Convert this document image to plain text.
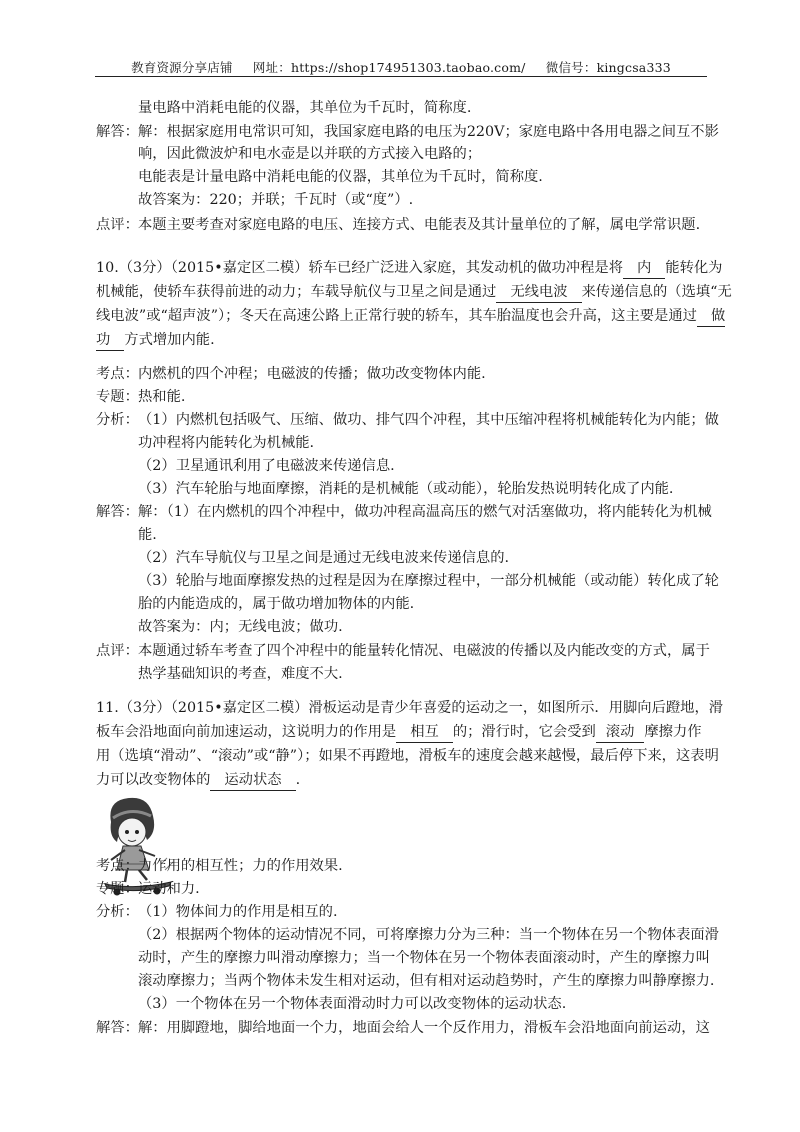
教育资源分享店铺 网址：https://shop174951303.taobao.com/ 微信号：kingcsa333
量电路中消耗电能的仪器，其单位为千瓦时，简称度.
解答： 解：根据家庭用电常识可知，我国家庭电路的电压为220V；家庭电路中各用电器之间互不影
响，因此微波炉和电水壶是以并联的方式接入电路的；
电能表是计量电路中消耗电能的仪器，其单位为千瓦时，简称度.
故答案为：220；并联；千瓦时（或“度”）.
点评： 本题主要考查对家庭电路的电压、连接方式、电能表及其计量单位的了解，属电学常识题.
10.（3分）（2015•嘉定区二模）轿车已经广泛进入家庭，其发动机的做功冲程是将 内 能转化为
机械能，使轿车获得前进的动力；车载导航仪与卫星之间是通过 无线电波 来传递信息的（选填“无
线电波”或“超声波”）；冬天在高速公路上正常行驶的轿车，其车胎温度也会升高，这主要是通过 做
功 方式增加内能.
考点： 内燃机的四个冲程；电磁波的传播；做功改变物体内能.
专题： 热和能.
分析： （1）内燃机包括吸气、压缩、做功、排气四个冲程，其中压缩冲程将机械能转化为内能；做
功冲程将内能转化为机械能.
（2）卫星通讯利用了电磁波来传递信息.
（3）汽车轮胎与地面摩擦，消耗的是机械能（或动能），轮胎发热说明转化成了内能.
解答： 解：（1）在内燃机的四个冲程中，做功冲程高温高压的燃气对活塞做功，将内能转化为机械
能.
（2）汽车导航仪与卫星之间是通过无线电波来传递信息的.
（3）轮胎与地面摩擦发热的过程是因为在摩擦过程中，一部分机械能（或动能）转化成了轮
胎的内能造成的，属于做功增加物体的内能.
故答案为：内；无线电波；做功.
点评： 本题通过轿车考查了四个冲程中的能量转化情况、电磁波的传播以及内能改变的方式，属于
热学基础知识的考查，难度不大.
11.（3分）（2015•嘉定区二模）滑板运动是青少年喜爱的运动之一，如图所示．用脚向后蹬地，滑
板车会沿地面向前加速运动，这说明力的作用是 相互 的；滑行时，它会受到 滚动 摩擦力作
用（选填“滑动”、“滚动”或“静”）；如果不再蹬地，滑板车的速度会越来越慢，最后停下来，这表明
力可以改变物体的 运动状态 .
考点： 力作用的相互性；力的作用效果.
专题： 运动和力.
分析： （1）物体间力的作用是相互的.
（2）根据两个物体的运动情况不同，可将摩擦力分为三种：当一个物体在另一个物体表面滑
动时，产生的摩擦力叫滑动摩擦力；当一个物体在另一个物体表面滚动时，产生的摩擦力叫
滚动摩擦力；当两个物体未发生相对运动，但有相对运动趋势时，产生的摩擦力叫静摩擦力.
（3）一个物体在另一个物体表面滑动时力可以改变物体的运动状态.
解答： 解：用脚蹬地，脚给地面一个力，地面会给人一个反作用力，滑板车会沿地面向前运动，这
